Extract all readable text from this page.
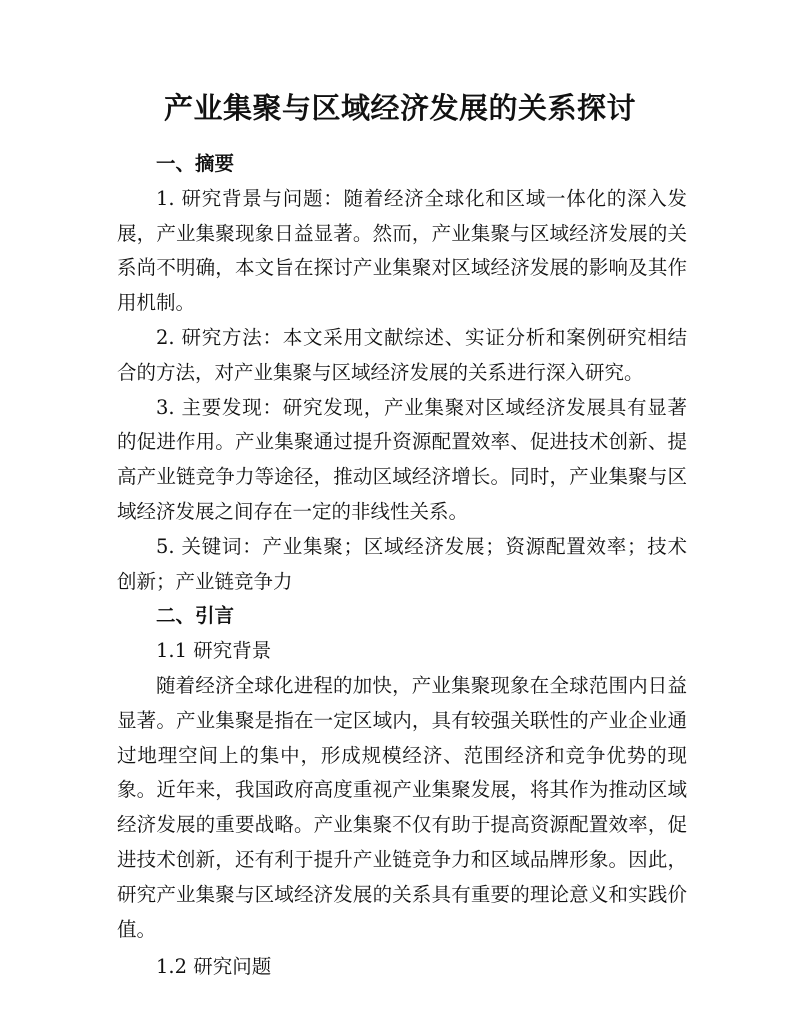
产业集聚与区域经济发展的关系探讨

一、摘要

1. 研究背景与问题：随着经济全球化和区域一体化的深入发展，产业集聚现象日益显著。然而，产业集聚与区域经济发展的关系尚不明确，本文旨在探讨产业集聚对区域经济发展的影响及其作用机制。

2. 研究方法：本文采用文献综述、实证分析和案例研究相结合的方法，对产业集聚与区域经济发展的关系进行深入研究。

3. 主要发现：研究发现，产业集聚对区域经济发展具有显著的促进作用。产业集聚通过提升资源配置效率、促进技术创新、提高产业链竞争力等途径，推动区域经济增长。同时，产业集聚与区域经济发展之间存在一定的非线性关系。

5. 关键词：产业集聚；区域经济发展；资源配置效率；技术创新；产业链竞争力

二、引言

1.1 研究背景

随着经济全球化进程的加快，产业集聚现象在全球范围内日益显著。产业集聚是指在一定区域内，具有较强关联性的产业企业通过地理空间上的集中，形成规模经济、范围经济和竞争优势的现象。近年来，我国政府高度重视产业集聚发展，将其作为推动区域经济发展的重要战略。产业集聚不仅有助于提高资源配置效率，促进技术创新，还有利于提升产业链竞争力和区域品牌形象。因此，研究产业集聚与区域经济发展的关系具有重要的理论意义和实践价值。

1.2 研究问题
